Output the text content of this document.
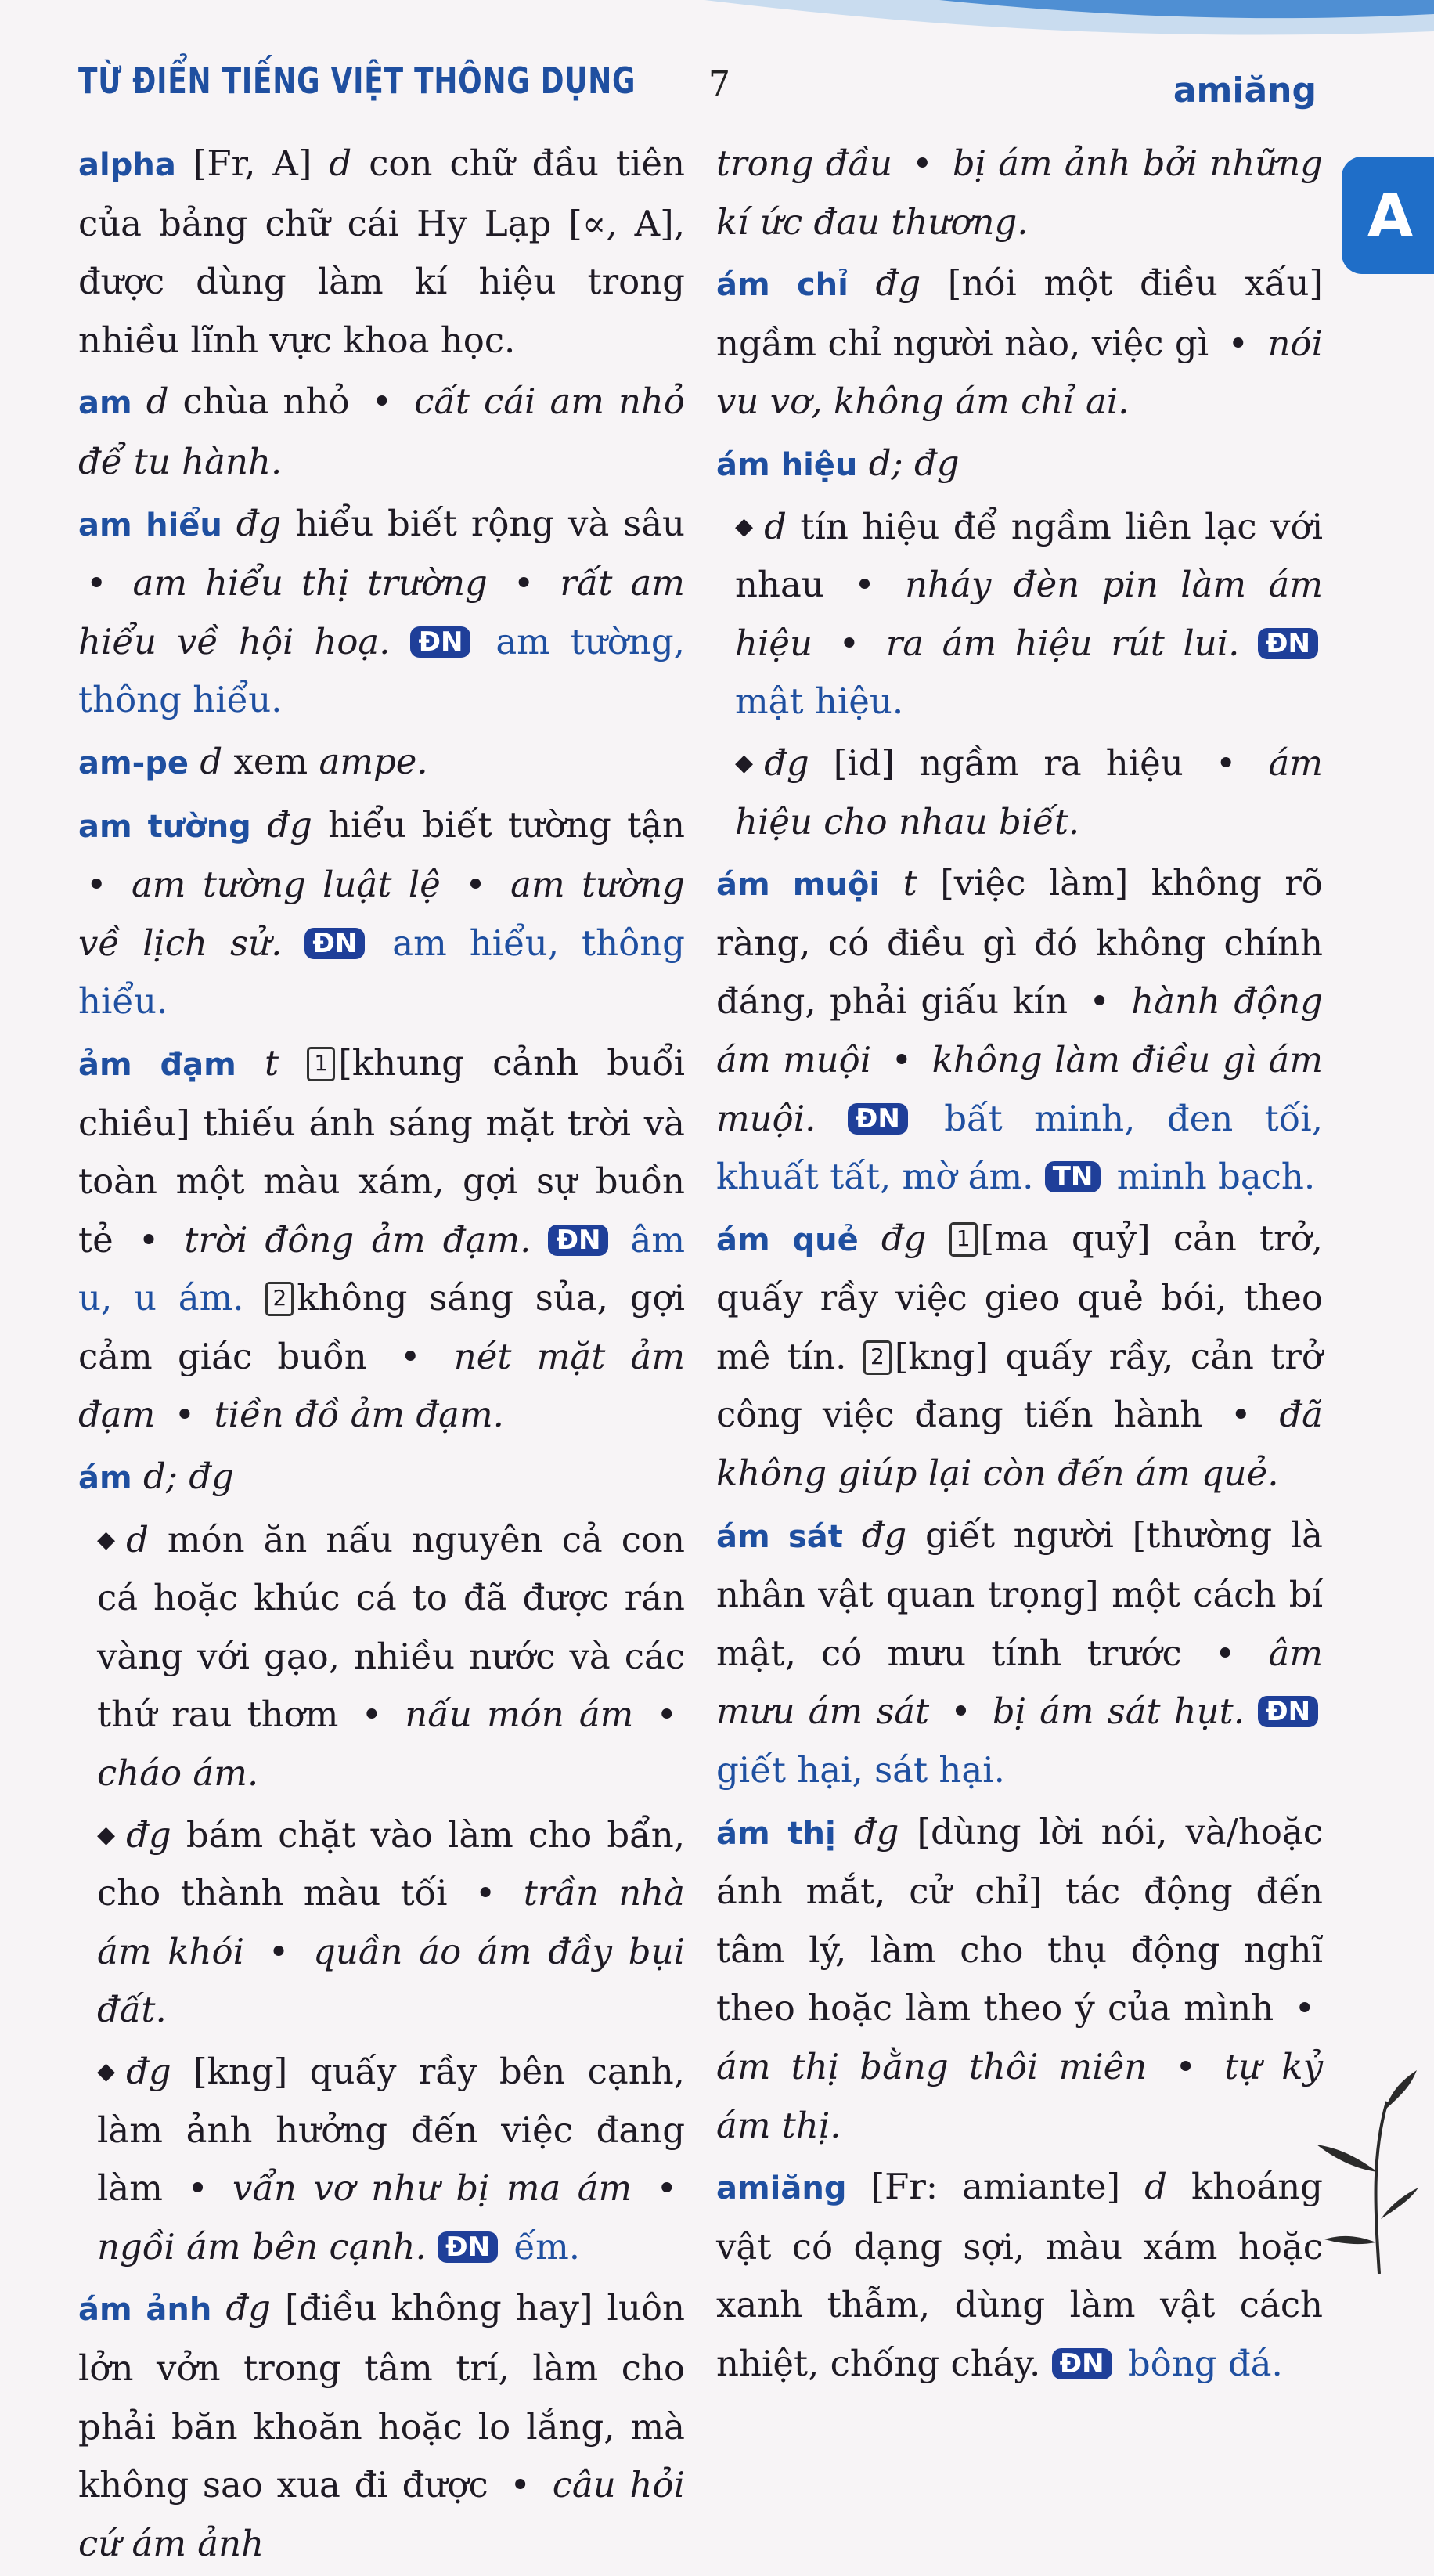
TỪ ĐIỂN TIẾNG VIỆT THÔNG DỤNG 7	amiăng
A

alpha [Fr, A] d con chữ đầu tiên của bảng chữ cái Hy Lạp [∝, A], được dùng làm kí hiệu trong nhiều lĩnh vực khoa học.

am d chùa nhỏ • cất cái am nhỏ để tu hành.

am hiểu đg hiểu biết rộng và sâu • am hiểu thị trường • rất am hiểu về hội hoạ. ĐN am tường, thông hiểu.

am-pe d xem ampe.

am tường đg hiểu biết tường tận • am tường luật lệ • am tường về lịch sử. ĐN am hiểu, thông hiểu.

ảm đạm t 1 [khung cảnh buổi chiều] thiếu ánh sáng mặt trời và toàn một màu xám, gợi sự buồn tẻ • trời đông ảm đạm. ĐN âm u, u ám. 2 không sáng sủa, gợi cảm giác buồn • nét mặt ảm đạm • tiền đồ ảm đạm.

ám d; đg

◆ d món ăn nấu nguyên cả con cá hoặc khúc cá to đã được rán vàng với gạo, nhiều nước và các thứ rau thơm • nấu món ám • cháo ám.

◆ đg bám chặt vào làm cho bẩn, cho thành màu tối • trần nhà ám khói • quần áo ám đầy bụi đất.

◆ đg [kng] quấy rầy bên cạnh, làm ảnh hưởng đến việc đang làm • vẩn vơ như bị ma ám • ngồi ám bên cạnh. ĐN ếm.

ám ảnh đg [điều không hay] luôn lởn vởn trong tâm trí, làm cho phải băn khoăn hoặc lo lắng, mà không sao xua đi được • câu hỏi cứ ám ảnh

trong đầu • bị ám ảnh bởi những kí ức đau thương.

ám chỉ đg [nói một điều xấu] ngầm chỉ người nào, việc gì • nói vu vơ, không ám chỉ ai.

ám hiệu d; đg

◆ d tín hiệu để ngầm liên lạc với nhau • nháy đèn pin làm ám hiệu • ra ám hiệu rút lui. ĐN mật hiệu.

◆ đg [id] ngầm ra hiệu • ám hiệu cho nhau biết.

ám muội t [việc làm] không rõ ràng, có điều gì đó không chính đáng, phải giấu kín • hành động ám muội • không làm điều gì ám muội. ĐN bất minh, đen tối, khuất tất, mờ ám. TN minh bạch.

ám quẻ đg 1 [ma quỷ] cản trở, quấy rầy việc gieo quẻ bói, theo mê tín. 2 [kng] quấy rầy, cản trở công việc đang tiến hành • đã không giúp lại còn đến ám quẻ.

ám sát đg giết người [thường là nhân vật quan trọng] một cách bí mật, có mưu tính trước • âm mưu ám sát • bị ám sát hụt. ĐN giết hại, sát hại.

ám thị đg [dùng lời nói, và/hoặc ánh mắt, cử chỉ] tác động đến tâm lý, làm cho thụ động nghĩ theo hoặc làm theo ý của mình • ám thị bằng thôi miên • tự kỷ ám thị.

amiăng [Fr: amiante] d khoáng vật có dạng sợi, màu xám hoặc xanh thẫm, dùng làm vật cách nhiệt, chống cháy. ĐN bông đá.
